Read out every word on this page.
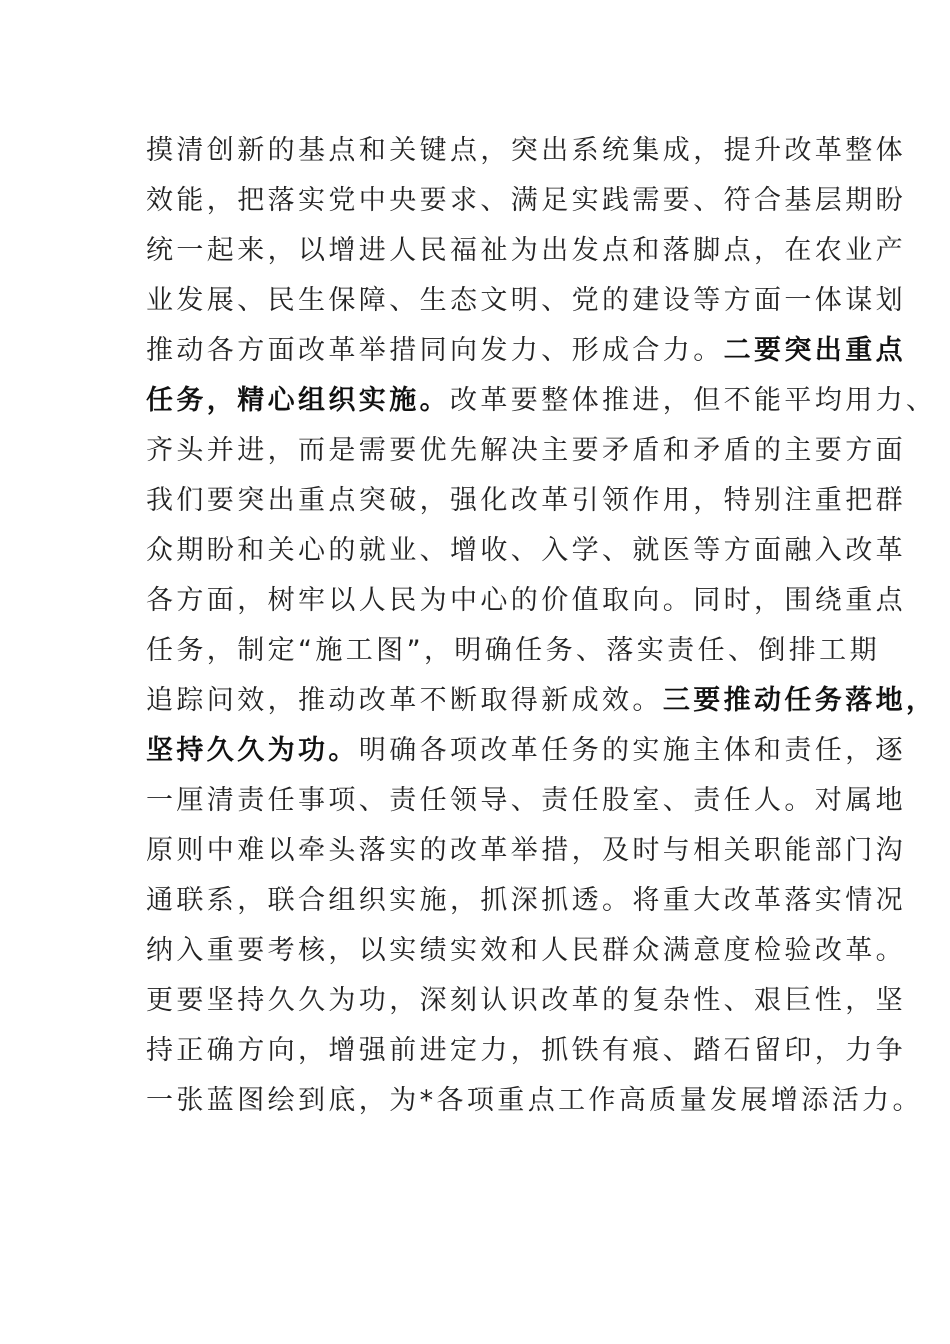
摸清创新的基点和关键点，突出系统集成，提升改革整体
效能，把落实党中央要求、满足实践需要、符合基层期盼
统一起来，以增进人民福祉为出发点和落脚点，在农业产
业发展、民生保障、生态文明、党的建设等方面一体谋划
推动各方面改革举措同向发力、形成合力。二要突出重点
任务，精心组织实施。改革要整体推进，但不能平均用力、
齐头并进，而是需要优先解决主要矛盾和矛盾的主要方面
我们要突出重点突破，强化改革引领作用，特别注重把群
众期盼和关心的就业、增收、入学、就医等方面融入改革
各方面，树牢以人民为中心的价值取向。同时，围绕重点
任务，制定“施工图”，明确任务、落实责任、倒排工期
追踪问效，推动改革不断取得新成效。三要推动任务落地，
坚持久久为功。明确各项改革任务的实施主体和责任，逐
一厘清责任事项、责任领导、责任股室、责任人。对属地
原则中难以牵头落实的改革举措，及时与相关职能部门沟
通联系，联合组织实施，抓深抓透。将重大改革落实情况
纳入重要考核，以实绩实效和人民群众满意度检验改革。
更要坚持久久为功，深刻认识改革的复杂性、艰巨性，坚
持正确方向，增强前进定力，抓铁有痕、踏石留印，力争
一张蓝图绘到底，为*各项重点工作高质量发展增添活力。
